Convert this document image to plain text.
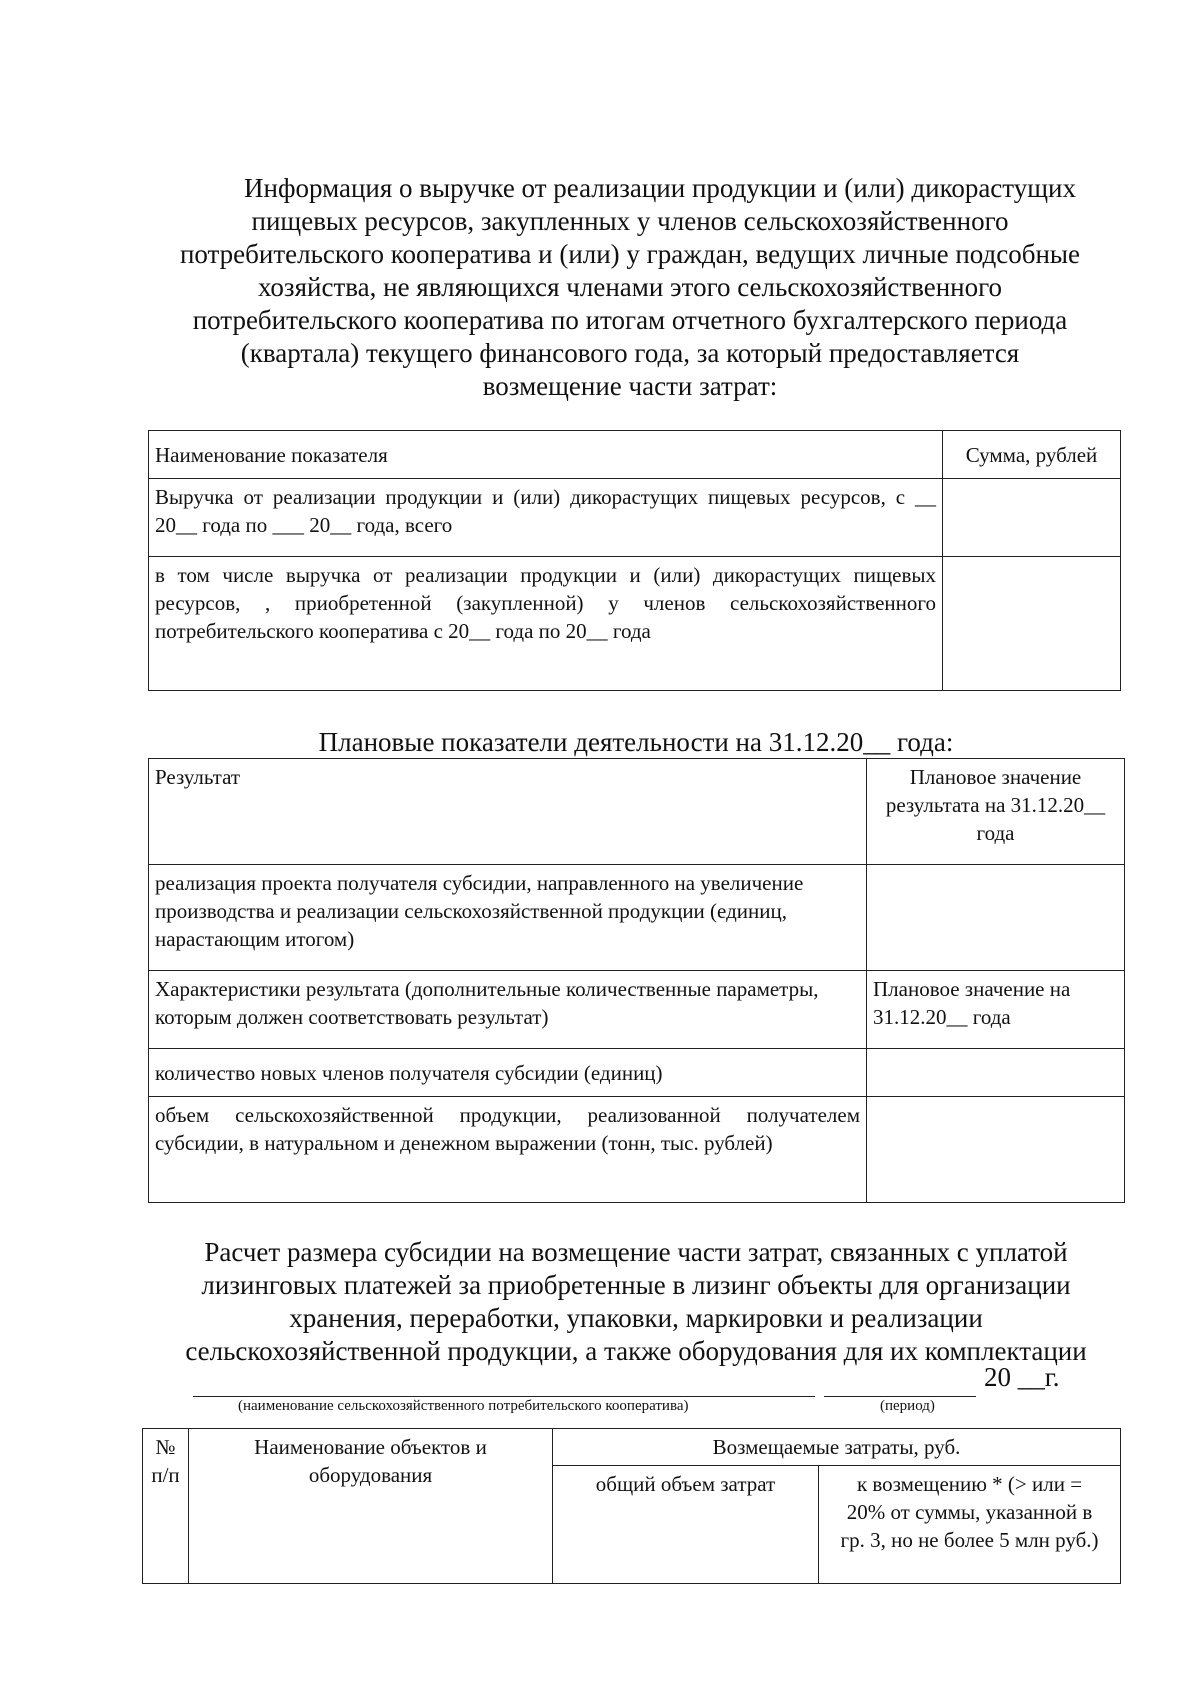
Информация о выручке от реализации продукции и (или) дикорастущих
пищевых ресурсов, закупленных у членов сельскохозяйственного
потребительского кооператива и (или) у граждан, ведущих личные подсобные
хозяйства, не являющихся членами этого сельскохозяйственного
потребительского кооператива по итогам отчетного бухгалтерского периода
(квартала) текущего финансового года, за который предоставляется
возмещение части затрат:
Наименование показателя	Сумма, рублей
Выручка от реализации продукции и (или) дикорастущих пищевых ресурсов, с __ 20__ года по ___ 20__ года, всего	
в том числе выручка от реализации продукции и (или) дикорастущих пищевых ресурсов, , приобретенной (закупленной) у членов сельскохозяйственного потребительского кооператива с 20__ года по 20__ года	
Плановые показатели деятельности на 31.12.20__ года:
Результат	Плановое значение результата на 31.12.20__ года
реализация проекта получателя субсидии, направленного на увеличение производства и реализации сельскохозяйственной продукции (единиц, нарастающим итогом)	
Характеристики результата (дополнительные количественные параметры, которым должен соответствовать результат)	Плановое значение на 31.12.20__ года
количество новых членов получателя субсидии (единиц)	
объем сельскохозяйственной продукции, реализованной получателем субсидии, в натуральном и денежном выражении (тонн, тыс. рублей)	
Расчет размера субсидии на возмещение части затрат, связанных с уплатой
лизинговых платежей за приобретенные в лизинг объекты для организации
хранения, переработки, упаковки, маркировки и реализации
сельскохозяйственной продукции, а также оборудования для их комплектации
20 __г.
(наименование сельскохозяйственного потребительского кооператива)	(период)
№ п/п	Наименование объектов и оборудования	Возмещаемые затраты, руб.	
		общий объем затрат	к возмещению * (> или = 20% от суммы, указанной в гр. 3, но не более 5 млн руб.)
